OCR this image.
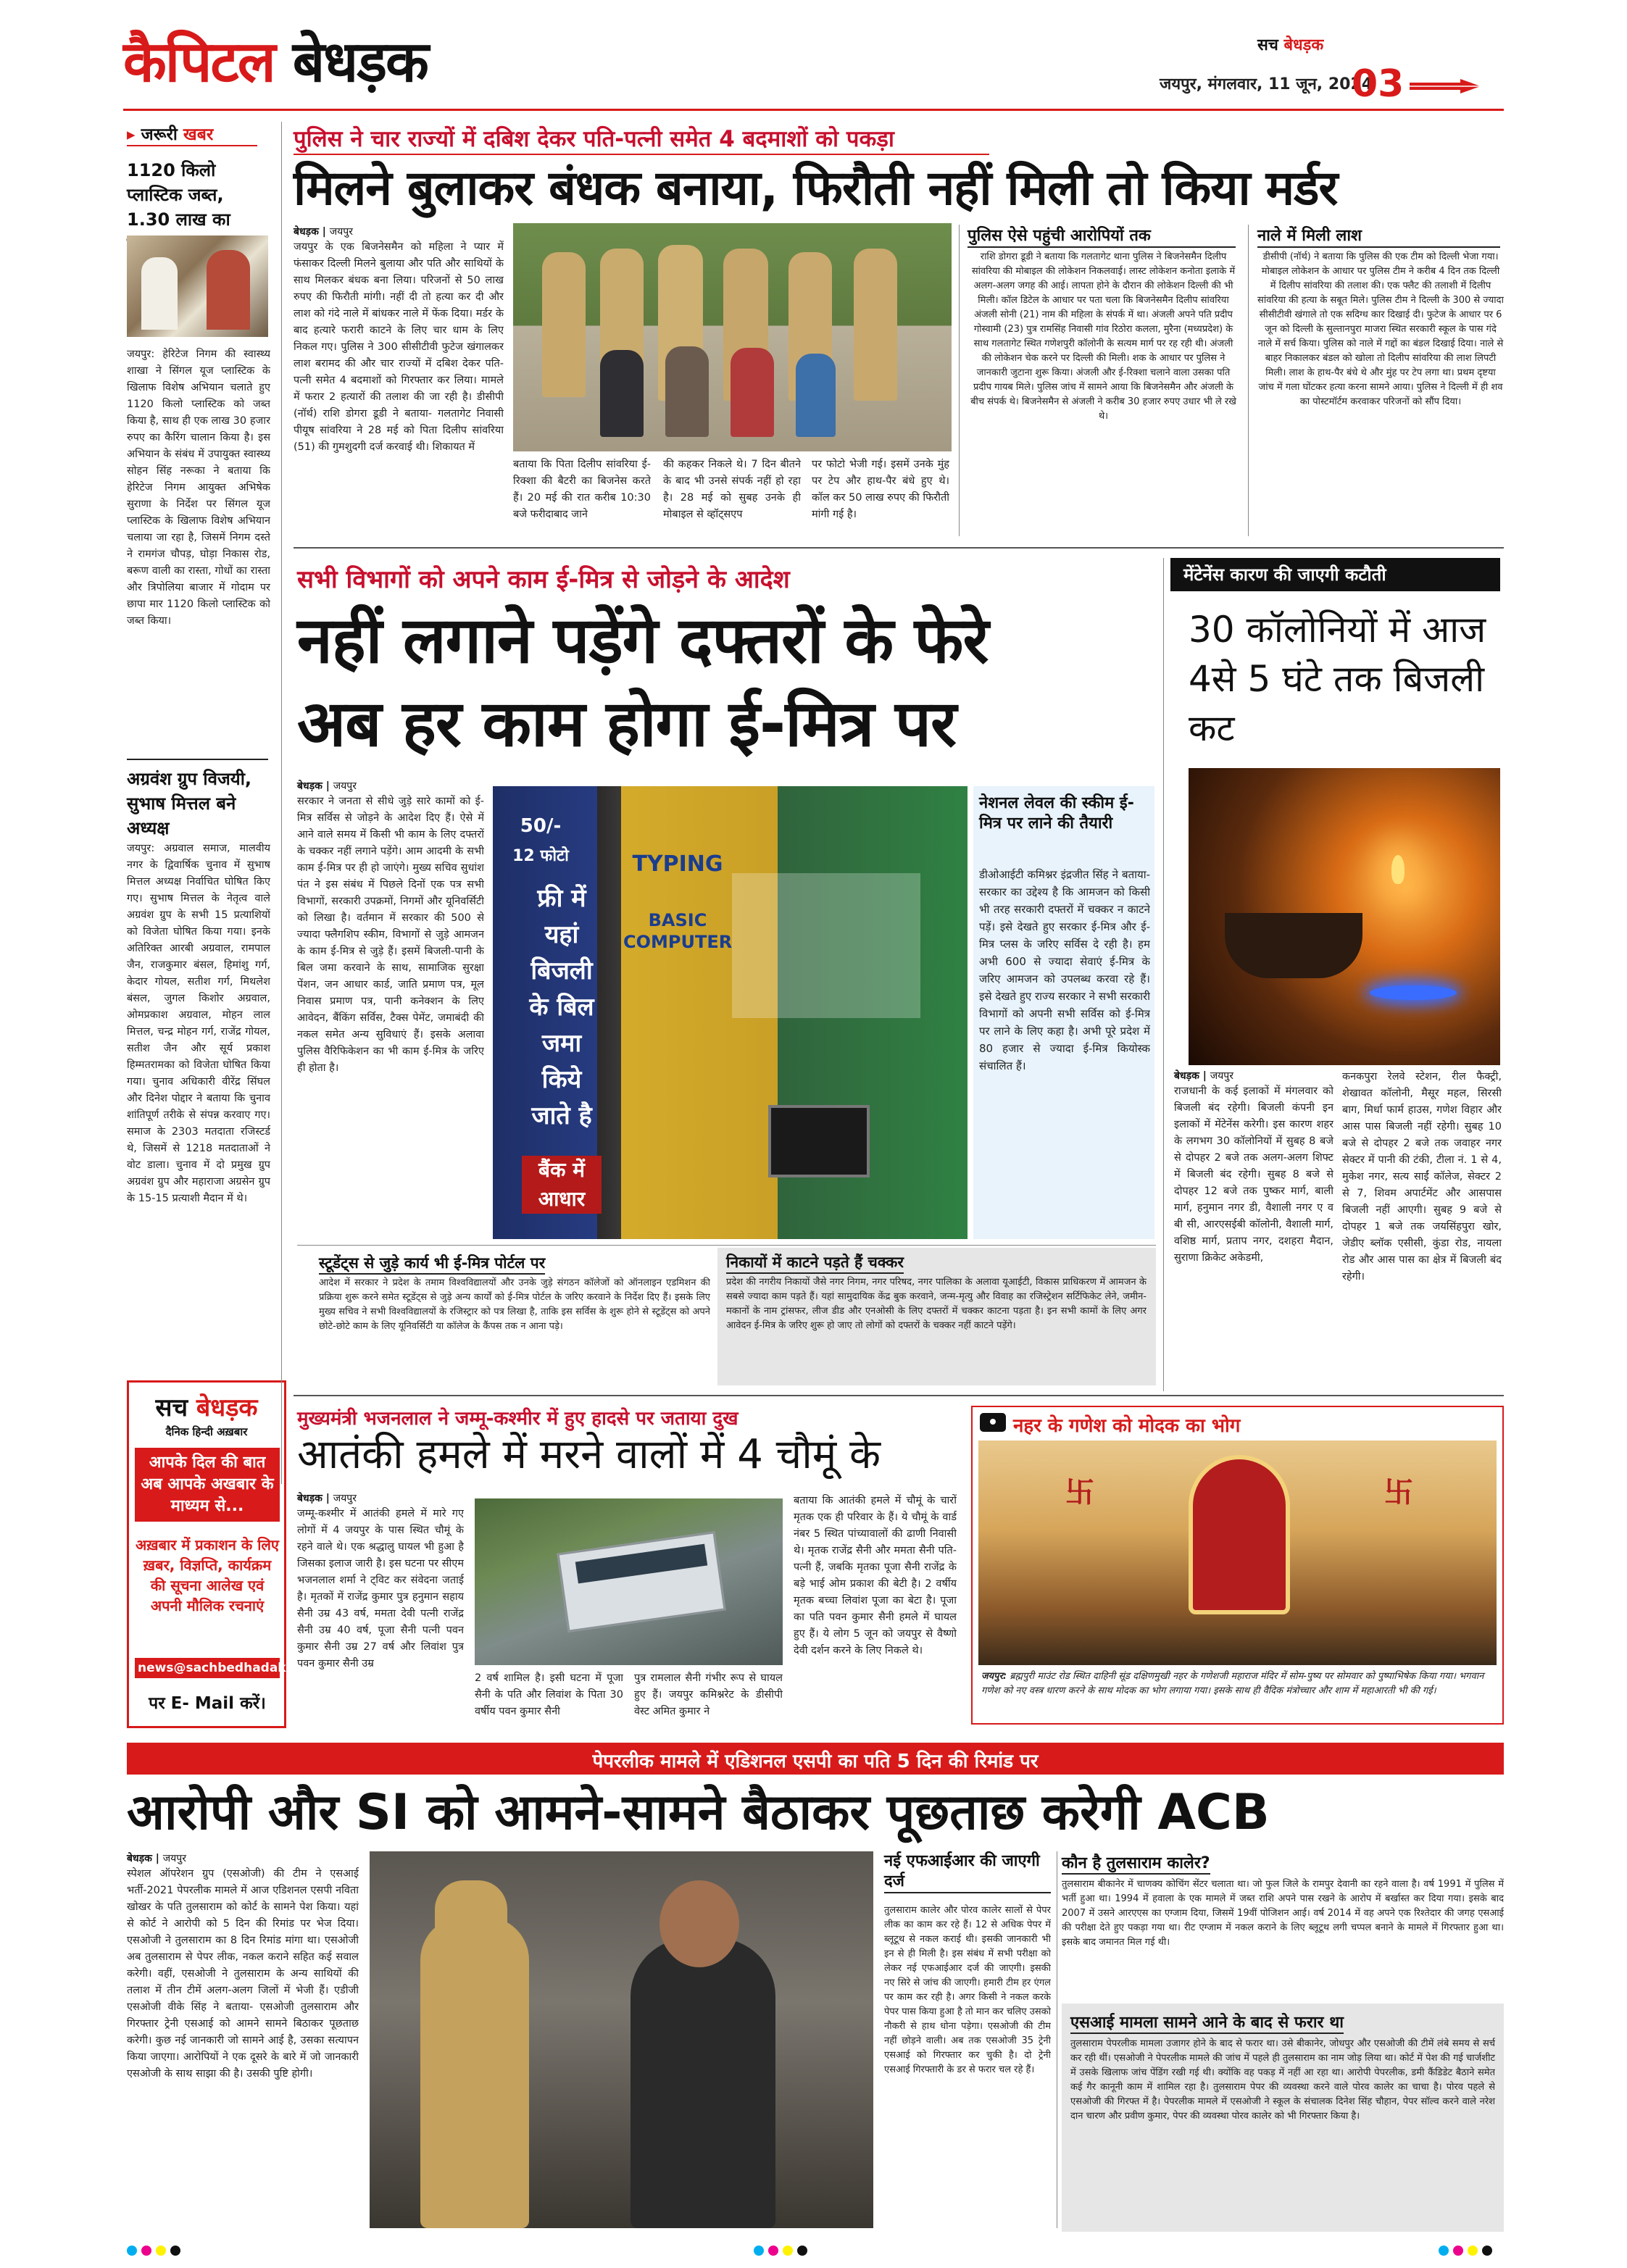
कैपिटल बेधड़क	सच बेधड़क
जयपुर, मंगलवार, 11 जून, 2024
03
▸ जरूरी खबर
1120 किलो प्लास्टिक जब्त, 1.30 लाख का
जयपुर: हेरिटेज निगम की स्वास्थ्य शाखा ने सिंगल यूज प्लास्टिक के खिलाफ विशेष अभियान चलाते हुए 1120 किलो प्लास्टिक को जब्त किया है, साथ ही एक लाख 30 हजार रुपए का कैरिंग चालान किया है। इस अभियान के संबंध में उपायुक्त स्वास्थ्य सोहन सिंह नरूका ने बताया कि हेरिटेज निगम आयुक्त अभिषेक सुराणा के निर्देश पर सिंगल यूज प्लास्टिक के खिलाफ विशेष अभियान चलाया जा रहा है, जिसमें निगम दस्ते ने रामगंज चौपड़, घोड़ा निकास रोड, बरूण वाली का रास्ता, गोधों का रास्ता और त्रिपोलिया बाजार में गोदाम पर छापा मार 1120 किलो प्लास्टिक को जब्त किया।
अग्रवंश ग्रुप विजयी, सुभाष मित्तल बने अध्यक्ष
जयपुर: अग्रवाल समाज, मालवीय नगर के द्विवार्षिक चुनाव में सुभाष मित्तल अध्यक्ष निर्वाचित घोषित किए गए। सुभाष मित्तल के नेतृत्व वाले अग्रवंश ग्रुप के सभी 15 प्रत्याशियों को विजेता घोषित किया गया। इनके अतिरिक्त आरबी अग्रवाल, रामपाल जैन, राजकुमार बंसल, हिमांशु गर्ग, केदार गोयल, सतीश गर्ग, मिथलेश बंसल, जुगल किशोर अग्रवाल, ओमप्रकाश अग्रवाल, मोहन लाल मित्तल, चन्द्र मोहन गर्ग, राजेंद्र गोयल, सतीश जैन और सूर्य प्रकाश हिम्मतरामका को विजेता घोषित किया गया। चुनाव अधिकारी वीरेंद्र सिंघल और दिनेश पोद्दार ने बताया कि चुनाव शांतिपूर्ण तरीके से संपन्न करवाए गए। समाज के 2303 मतदाता रजिस्टर्ड थे, जिसमें से 1218 मतदाताओं ने वोट डाला। चुनाव में दो प्रमुख ग्रुप अग्रवंश ग्रुप और महाराजा अग्रसेन ग्रुप के 15-15 प्रत्याशी मैदान में थे।
सच बेधड़क
दैनिक हिन्दी अख़बार
आपके दिल की बात अब आपके अखबार के माध्यम से...
अख़बार में प्रकाशन के लिए ख़बर, विज्ञप्ति, कार्यक्रम की सूचना आलेख एवं अपनी मौलिक रचनाएं
news@sachbedhadak.com
पर E- Mail करें।
पुलिस ने चार राज्यों में दबिश देकर पति-पत्नी समेत 4 बदमाशों को पकड़ा
मिलने बुलाकर बंधक बनाया, फिरौती नहीं मिली तो किया मर्डर
बेधड़क | जयपुर
जयपुर के एक बिजनेसमैन को महिला ने प्यार में फंसाकर दिल्ली मिलने बुलाया और पति और साथियों के साथ मिलकर बंधक बना लिया। परिजनों से 50 लाख रुपए की फिरौती मांगी। नहीं दी तो हत्या कर दी और लाश को गंदे नाले में बांधकर नाले में फेंक दिया। मर्डर के बाद हत्यारे फरारी काटने के लिए चार धाम के लिए निकल गए। पुलिस ने 300 सीसीटीवी फुटेज खंगालकर लाश बरामद की और चार राज्यों में दबिश देकर पति-पत्नी समेत 4 बदमाशों को गिरफ्तार कर लिया। मामले में फरार 2 हत्यारों की तलाश की जा रही है। डीसीपी (नॉर्थ) राशि डोगरा डूडी ने बताया- गलतागेट निवासी पीयूष सांवरिया ने 28 मई को पिता दिलीप सांवरिया (51) की गुमशुदगी दर्ज करवाई थी। शिकायत में
बताया कि पिता दिलीप सांवरिया ई-रिक्शा की बैटरी का बिजनेस करते हैं। 20 मई की रात करीब 10:30 बजे फरीदाबाद जाने
की कहकर निकले थे। 7 दिन बीतने के बाद भी उनसे संपर्क नहीं हो रहा है। 28 मई को सुबह उनके ही मोबाइल से व्हॉट्सएप
पर फोटो भेजी गई। इसमें उनके मुंह पर टेप और हाथ-पैर बंधे हुए थे। कॉल कर 50 लाख रुपए की फिरौती मांगी गई है।
पुलिस ऐसे पहुंची आरोपियों तक
राशि डोगरा डूडी ने बताया कि गलतागेट थाना पुलिस ने बिजनेसमैन दिलीप सांवरिया की मोबाइल की लोकेशन निकलवाई। लास्ट लोकेशन कनोता इलाके में अलग-अलग जगह की आई। लापता होने के दौरान की लोकेशन दिल्ली की भी मिली। कॉल डिटेल के आधार पर पता चला कि बिजनेसमैन दिलीप सांवरिया अंजली सोनी (21) नाम की महिला के संपर्क में था। अंजली अपने पति प्रदीप गोस्वामी (23) पुत्र रामसिंह निवासी गांव रिठोरा कलला, मुरैना (मध्यप्रदेश) के साथ गलतागेट स्थित गणेशपुरी कॉलोनी के सत्यम मार्ग पर रह रही थी। अंजली की लोकेशन चेक करने पर दिल्ली की मिली। शक के आधार पर पुलिस ने जानकारी जुटाना शुरू किया। अंजली और ई-रिक्शा चलाने वाला उसका पति प्रदीप गायब मिले। पुलिस जांच में सामने आया कि बिजनेसमैन और अंजली के बीच संपर्क थे। बिजनेसमैन से अंजली ने करीब 30 हजार रुपए उधार भी ले रखे थे।
नाले में मिली लाश
डीसीपी (नॉर्थ) ने बताया कि पुलिस की एक टीम को दिल्ली भेजा गया। मोबाइल लोकेशन के आधार पर पुलिस टीम ने करीब 4 दिन तक दिल्ली में दिलीप सांवरिया की तलाश की। एक फ्लैट की तलाशी में दिलीप सांवरिया की हत्या के सबूत मिले। पुलिस टीम ने दिल्ली के 300 से ज्यादा सीसीटीवी खंगाले तो एक सदिग्ध कार दिखाई दी। फुटेज के आधार पर 6 जून को दिल्ली के सुल्तानपुरा माजरा स्थित सरकारी स्कूल के पास गंदे नाले में सर्च किया। पुलिस को नाले में गद्दों का बंडल दिखाई दिया। नाले से बाहर निकालकर बंडल को खोला तो दिलीप सांवरिया की लाश लिपटी मिली। लाश के हाथ-पैर बंधे थे और मुंह पर टेप लगा था। प्रथम दृष्टया जांच में गला घोंटकर हत्या करना सामने आया। पुलिस ने दिल्ली में ही शव का पोस्टमॉर्टम करवाकर परिजनों को सौंप दिया।
सभी विभागों को अपने काम ई-मित्र से जोड़ने के आदेश
नहीं लगाने पड़ेंगे दफ्तरों के फेरे
अब हर काम होगा ई-मित्र पर
बेधड़क | जयपुर
सरकार ने जनता से सीधे जुड़े सारे कामों को ई-मित्र सर्विस से जोड़ने के आदेश दिए हैं। ऐसे में आने वाले समय में किसी भी काम के लिए दफ्तरों के चक्कर नहीं लगाने पड़ेंगे। आम आदमी के सभी काम ई-मित्र पर ही हो जाएंगे। मुख्य सचिव सुधांश पंत ने इस संबंध में पिछले दिनों एक पत्र सभी विभागों, सरकारी उपक्रमों, निगमों और यूनिवर्सिटी को लिखा है। वर्तमान में सरकार की 500 से ज्यादा फ्लैगशिप स्कीम, विभागों से जुड़े आमजन के काम ई-मित्र से जुड़े हैं। इसमें बिजली-पानी के बिल जमा करवाने के साथ, सामाजिक सुरक्षा पेंशन, जन आधार कार्ड, जाति प्रमाण पत्र, मूल निवास प्रमाण पत्र, पानी कनेक्शन के लिए आवेदन, बैंकिंग सर्विस, टैक्स पेमेंट, जमाबंदी की नकल समेत अन्य सुविधाएं हैं। इसके अलावा पुलिस वैरिफिकेशन का भी काम ई-मित्र के जरिए ही होता है।
50/-
12 फोटो
फ्री में यहां बिजली के बिल जमा किये जाते है
बैंक में आधार
TYPING
BASIC COMPUTER
नेशनल लेवल की स्कीम ई-मित्र पर लाने की तैयारी
डीओआईटी कमिश्नर इंद्रजीत सिंह ने बताया- सरकार का उद्देश्य है कि आमजन को किसी भी तरह सरकारी दफ्तरों में चक्कर न काटने पड़ें। इसे देखते हुए सरकार ई-मित्र और ई-मित्र प्लस के जरिए सर्विस दे रही है। हम अभी 600 से ज्यादा सेवाएं ई-मित्र के जरिए आमजन को उपलब्ध करवा रहे हैं। इसे देखते हुए राज्य सरकार ने सभी सरकारी विभागों को अपनी सभी सर्विस को ई-मित्र पर लाने के लिए कहा है। अभी पूरे प्रदेश में 80 हजार से ज्यादा ई-मित्र कियोस्क संचालित हैं।
स्टूडेंट्स से जुड़े कार्य भी ई-मित्र पोर्टल पर
आदेश में सरकार ने प्रदेश के तमाम विश्वविद्यालयों और उनके जुड़े संगठन कॉलेजों को ऑनलाइन एडमिशन की प्रक्रिया शुरू करने समेत स्टूडेंट्स से जुड़े अन्य कार्यों को ई-मित्र पोर्टल के जरिए करवाने के निर्देश दिए हैं। इसके लिए मुख्य सचिव ने सभी विश्वविद्यालयों के रजिस्ट्रार को पत्र लिखा है, ताकि इस सर्विस के शुरू होने से स्टूडेंट्स को अपने छोटे-छोटे काम के लिए यूनिवर्सिटी या कॉलेज के कैंपस तक न आना पड़े।
निकायों में काटने पड़ते हैं चक्कर
प्रदेश की नगरीय निकायों जैसे नगर निगम, नगर परिषद, नगर पालिका के अलावा यूआईटी, विकास प्राधिकरण में आमजन के सबसे ज्यादा काम पड़ते हैं। यहां सामुदायिक केंद्र बुक करवाने, जन्म-मृत्यु और विवाह का रजिस्ट्रेशन सर्टिफिकेट लेने, जमीन-मकानों के नाम ट्रांसफर, लीज डीड और एनओसी के लिए दफ्तरों में चक्कर काटना पड़ता है। इन सभी कामों के लिए अगर आवेदन ई-मित्र के जरिए शुरू हो जाए तो लोगों को दफ्तरों के चक्कर नहीं काटने पड़ेंगे।
मेंटेनेंस कारण की जाएगी कटौती
30 कॉलोनियों में आज 4से 5 घंटे तक बिजली कट
बेधड़क | जयपुर
राजधानी के कई इलाकों में मंगलवार को बिजली बंद रहेगी। बिजली कंपनी इन इलाकों में मेंटेनेंस करेगी। इस कारण शहर के लगभग 30 कॉलोनियों में सुबह 8 बजे से दोपहर 2 बजे तक अलग-अलग शिफ्ट में बिजली बंद रहेगी। सुबह 8 बजे से दोपहर 12 बजे तक पुष्कर मार्ग, बाली मार्ग, हनुमान नगर डी, वैशाली नगर ए व बी सी, आरएसईबी कॉलोनी, वैशाली मार्ग, वशिष्ठ मार्ग, प्रताप नगर, दशहरा मैदान, सुराणा क्रिकेट अकेडमी,
कनकपुरा रेलवे स्टेशन, रील फैक्ट्री, शेखावत कॉलोनी, मैसूर महल, सिरसी बाग, मिर्धा फार्म हाउस, गणेश विहार और आस पास बिजली नहीं रहेगी। सुबह 10 बजे से दोपहर 2 बजे तक जवाहर नगर सेक्टर में पानी की टंकी, टीला नं. 1 से 4, मुकेश नगर, सत्य साईं कॉलेज, सेक्टर 2 से 7, शिवम अपार्टमेंट और आसपास बिजली नहीं आएगी। सुबह 9 बजे से दोपहर 1 बजे तक जयसिंहपुरा खोर, जेडीए ब्लॉक एसीसी, कुंडा रोड, नायला रोड और आस पास का क्षेत्र में बिजली बंद रहेगी।
मुख्यमंत्री भजनलाल ने जम्मू-कश्मीर में हुए हादसे पर जताया दुख
आतंकी हमले में मरने वालों में 4 चौमूं के
बेधड़क | जयपुर
जम्मू-कश्मीर में आतंकी हमले में मारे गए लोगों में 4 जयपुर के पास स्थित चौमूं के रहने वाले थे। एक श्रद्धालु घायल भी हुआ है जिसका इलाज जारी है। इस घटना पर सीएम भजनलाल शर्मा ने ट्विट कर संवेदना जताई है। मृतकों में राजेंद्र कुमार पुत्र हनुमान सहाय सैनी उम्र 43 वर्ष, ममता देवी पत्नी राजेंद्र सैनी उम्र 40 वर्ष, पूजा सैनी पत्नी पवन कुमार सैनी उम्र 27 वर्ष और लिवांश पुत्र पवन कुमार सैनी उम्र
2 वर्ष शामिल है। इसी घटना में पूजा सैनी के पति और लिवांश के पिता 30 वर्षीय पवन कुमार सैनी
पुत्र रामलाल सैनी गंभीर रूप से घायल हुए हैं। जयपुर कमिश्नरेट के डीसीपी वेस्ट अमित कुमार ने
बताया कि आतंकी हमले में चौमूं के चारों मृतक एक ही परिवार के हैं। ये चौमूं के वार्ड नंबर 5 स्थित पांच्यावालों की ढाणी निवासी थे। मृतक राजेंद्र सैनी और ममता सैनी पति-पत्नी हैं, जबकि मृतका पूजा सैनी राजेंद्र के बड़े भाई ओम प्रकाश की बेटी है। 2 वर्षीय मृतक बच्चा लिवांश पूजा का बेटा है। पूजा का पति पवन कुमार सैनी हमले में घायल हुए हैं। ये लोग 5 जून को जयपुर से वैष्णो देवी दर्शन करने के लिए निकले थे।
नहर के गणेश को मोदक का भोग
卐	卐
जयपुर: ब्रह्मपुरी माउंट रोड स्थित दाहिनी सूंड दक्षिणमुखी नहर के गणेशजी महाराज मंदिर में सोम-पुष्य पर सोमवार को पुष्पाभिषेक किया गया। भगवान गणेश को नए वस्त्र धारण करने के साथ मोदक का भोग लगाया गया। इसके साथ ही वैदिक मंत्रोच्चार और शाम में महाआरती भी की गई।
पेपरलीक मामले में एडिशनल एसपी का पति 5 दिन की रिमांड पर
आरोपी और SI को आमने-सामने बैठाकर पूछताछ करेगी ACB
बेधड़क | जयपुर
स्पेशल ऑपरेशन ग्रुप (एसओजी) की टीम ने एसआई भर्ती-2021 पेपरलीक मामले में आज एडिशनल एसपी नविता खोखर के पति तुलसाराम को कोर्ट के सामने पेश किया। यहां से कोर्ट ने आरोपी को 5 दिन की रिमांड पर भेज दिया। एसओजी ने तुलसाराम का 8 दिन रिमांड मांगा था। एसओजी अब तुलसाराम से पेपर लीक, नकल कराने सहित कई सवाल करेगी। वहीं, एसओजी ने तुलसाराम के अन्य साथियों की तलाश में तीन टीमें अलग-अलग जिलों में भेजी हैं। एडीजी एसओजी वीके सिंह ने बताया- एसओजी तुलसाराम और गिरफ्तार ट्रेनी एसआई को आमने सामने बिठाकर पूछताछ करेगी। कुछ नई जानकारी जो सामने आई है, उसका सत्यापन किया जाएगा। आरोपियों ने एक दूसरे के बारे में जो जानकारी एसओजी के साथ साझा की है। उसकी पुष्टि होगी।
नई एफआईआर की जाएगी दर्ज
तुलसाराम कालेर और पोरव कालेर सालों से पेपर लीक का काम कर रहे हैं। 12 से अधिक पेपर में ब्लूटूथ से नकल कराई थी। इसकी जानकारी भी इन से ही मिली है। इस संबंध में सभी परीक्षा को लेकर नई एफआईआर दर्ज की जाएगी। इसकी नए सिरे से जांच की जाएगी। हमारी टीम हर एंगल पर काम कर रही है। अगर किसी ने नकल करके पेपर पास किया हुआ है तो मान कर चलिए उसको नौकरी से हाथ धोना पड़ेगा। एसओजी की टीम नहीं छोड़ने वाली। अब तक एसओजी 35 ट्रेनी एसआई को गिरफ्तार कर चुकी है। दो ट्रेनी एसआई गिरफ्तारी के डर से फरार चल रहे हैं।
कौन है तुलसाराम कालेर?
तुलसाराम बीकानेर में चाणक्य कोचिंग सेंटर चलाता था। जो फुल जिले के रामपुर देवानी का रहने वाला है। वर्ष 1991 में पुलिस में भर्ती हुआ था। 1994 में हवाला के एक मामले में जब्त राशि अपने पास रखने के आरोप में बर्खास्त कर दिया गया। इसके बाद 2007 में उसने आरएएस का एग्जाम दिया, जिसमें 19वीं पोजिशन आई। वर्ष 2014 में वह अपने एक रिश्तेदार की जगह एसआई की परीक्षा देते हुए पकड़ा गया था। रीट एग्जाम में नकल कराने के लिए ब्लूटूथ लगी चप्पल बनाने के मामले में गिरफ्तार हुआ था। इसके बाद जमानत मिल गई थी।
एसआई मामला सामने आने के बाद से फरार था
तुलसाराम पेपरलीक मामला उजागर होने के बाद से फरार था। उसे बीकानेर, जोधपुर और एसओजी की टीमें लंबे समय से सर्च कर रही थीं। एसओजी ने पेपरलीक मामले की जांच में पहले ही तुलसाराम का नाम जोड़ लिया था। कोर्ट में पेश की गई चार्जशीट में उसके खिलाफ जांच पेंडिंग रखी गई थी। क्योंकि वह पकड़ में नहीं आ रहा था। आरोपी पेपरलीक, डमी कैंडिडेट बैठाने समेत कई गैर कानूनी काम में शामिल रहा है। तुलसाराम पेपर की व्यवस्था करने वाले पोरव कालेर का चाचा है। पोरव पहले से एसओजी की गिरफ्त में है। पेपरलीक मामले में एसओजी ने स्कूल के संचालक दिनेश सिंह चौहान, पेपर सॉल्व करने वाले नरेश दान चारण और प्रवीण कुमार, पेपर की व्यवस्था पोरव कालेर को भी गिरफ्तार किया है।
